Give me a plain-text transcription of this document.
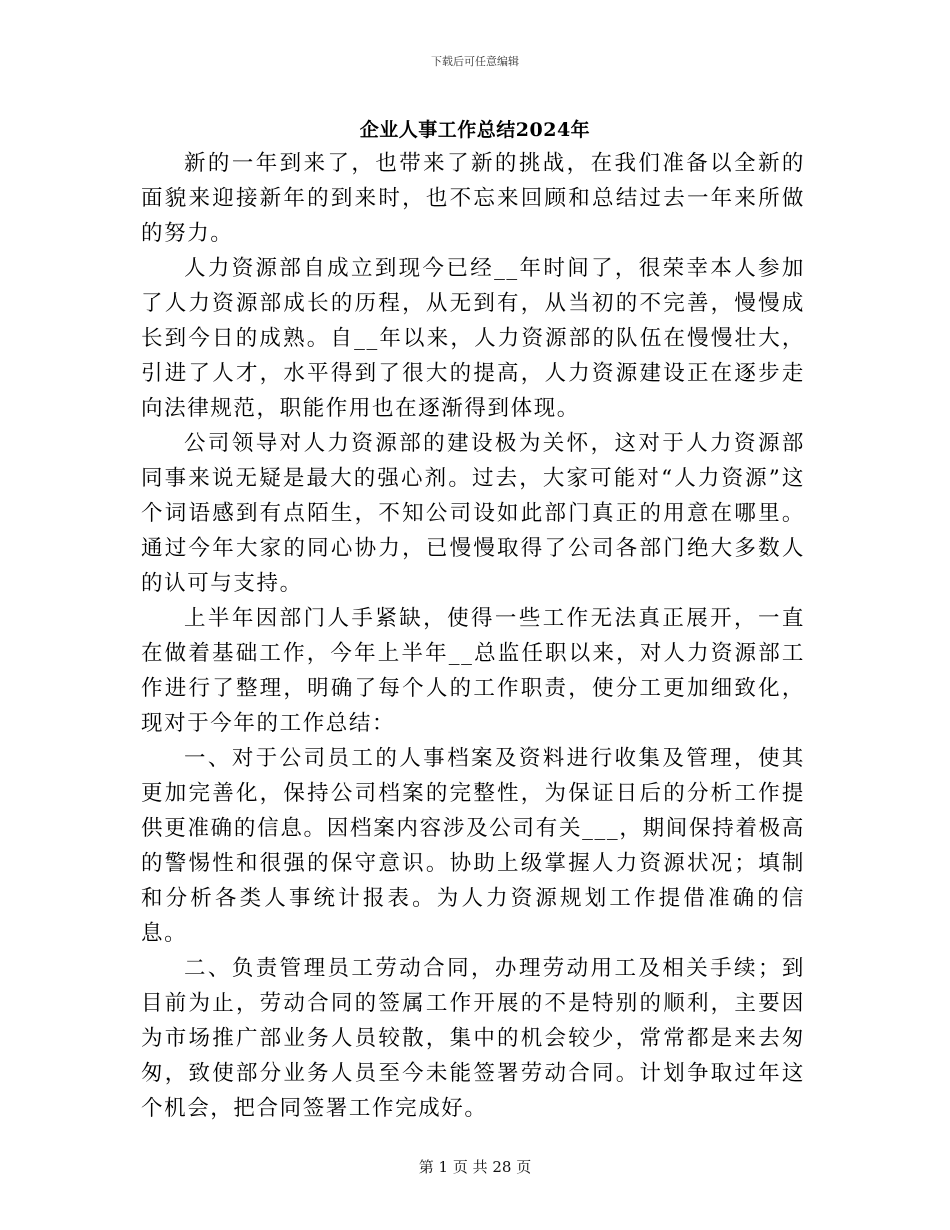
下载后可任意编辑
企业人事工作总结2024年

新的一年到来了，也带来了新的挑战，在我们准备以全新的面貌来迎接新年的到来时，也不忘来回顾和总结过去一年来所做的努力。

人力资源部自成立到现今已经__年时间了，很荣幸本人参加了人力资源部成长的历程，从无到有，从当初的不完善，慢慢成长到今日的成熟。自__年以来，人力资源部的队伍在慢慢壮大，引进了人才，水平得到了很大的提高，人力资源建设正在逐步走向法律规范，职能作用也在逐渐得到体现。

公司领导对人力资源部的建设极为关怀，这对于人力资源部同事来说无疑是最大的强心剂。过去，大家可能对“人力资源”这个词语感到有点陌生，不知公司设如此部门真正的用意在哪里。通过今年大家的同心协力，已慢慢取得了公司各部门绝大多数人的认可与支持。

上半年因部门人手紧缺，使得一些工作无法真正展开，一直在做着基础工作，今年上半年__总监任职以来，对人力资源部工作进行了整理，明确了每个人的工作职责，使分工更加细致化，现对于今年的工作总结：

一、对于公司员工的人事档案及资料进行收集及管理，使其更加完善化，保持公司档案的完整性，为保证日后的分析工作提供更准确的信息。因档案内容涉及公司有关___，期间保持着极高的警惕性和很强的保守意识。协助上级掌握人力资源状况；填制和分析各类人事统计报表。为人力资源规划工作提借准确的信息。

二、负责管理员工劳动合同，办理劳动用工及相关手续；到目前为止，劳动合同的签属工作开展的不是特别的顺利，主要因为市场推广部业务人员较散，集中的机会较少，常常都是来去匆匆，致使部分业务人员至今未能签署劳动合同。计划争取过年这个机会，把合同签署工作完成好。

第 1 页 共 28 页
